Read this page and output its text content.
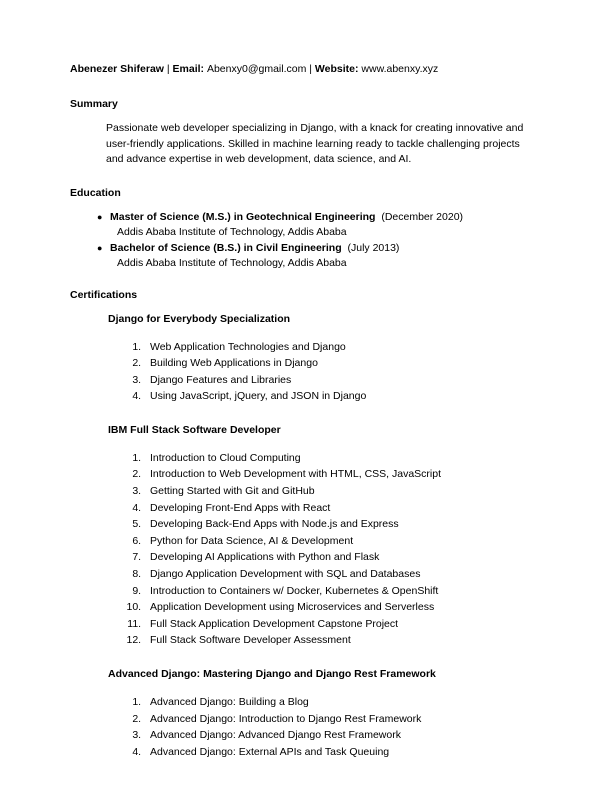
Abenezer Shiferaw | Email: Abenxy0@gmail.com | Website: www.abenxy.xyz
Summary

Passionate web developer specializing in Django, with a knack for creating innovative and user-friendly applications. Skilled in machine learning ready to tackle challenging projects and advance expertise in web development, data science, and AI.

Education
● Master of Science (M.S.) in Geotechnical Engineering (December 2020)
Addis Ababa Institute of Technology, Addis Ababa
● Bachelor of Science (B.S.) in Civil Engineering (July 2013)
Addis Ababa Institute of Technology, Addis Ababa
Certifications
Django for Everybody Specialization
1. Web Application Technologies and Django
2. Building Web Applications in Django
3. Django Features and Libraries
4. Using JavaScript, jQuery, and JSON in Django
IBM Full Stack Software Developer
1. Introduction to Cloud Computing
2. Introduction to Web Development with HTML, CSS, JavaScript
3. Getting Started with Git and GitHub
4. Developing Front-End Apps with React
5. Developing Back-End Apps with Node.js and Express
6. Python for Data Science, AI & Development
7. Developing AI Applications with Python and Flask
8. Django Application Development with SQL and Databases
9. Introduction to Containers w/ Docker, Kubernetes & OpenShift
10. Application Development using Microservices and Serverless
11. Full Stack Application Development Capstone Project
12. Full Stack Software Developer Assessment
Advanced Django: Mastering Django and Django Rest Framework
1. Advanced Django: Building a Blog
2. Advanced Django: Introduction to Django Rest Framework
3. Advanced Django: Advanced Django Rest Framework
4. Advanced Django: External APIs and Task Queuing
